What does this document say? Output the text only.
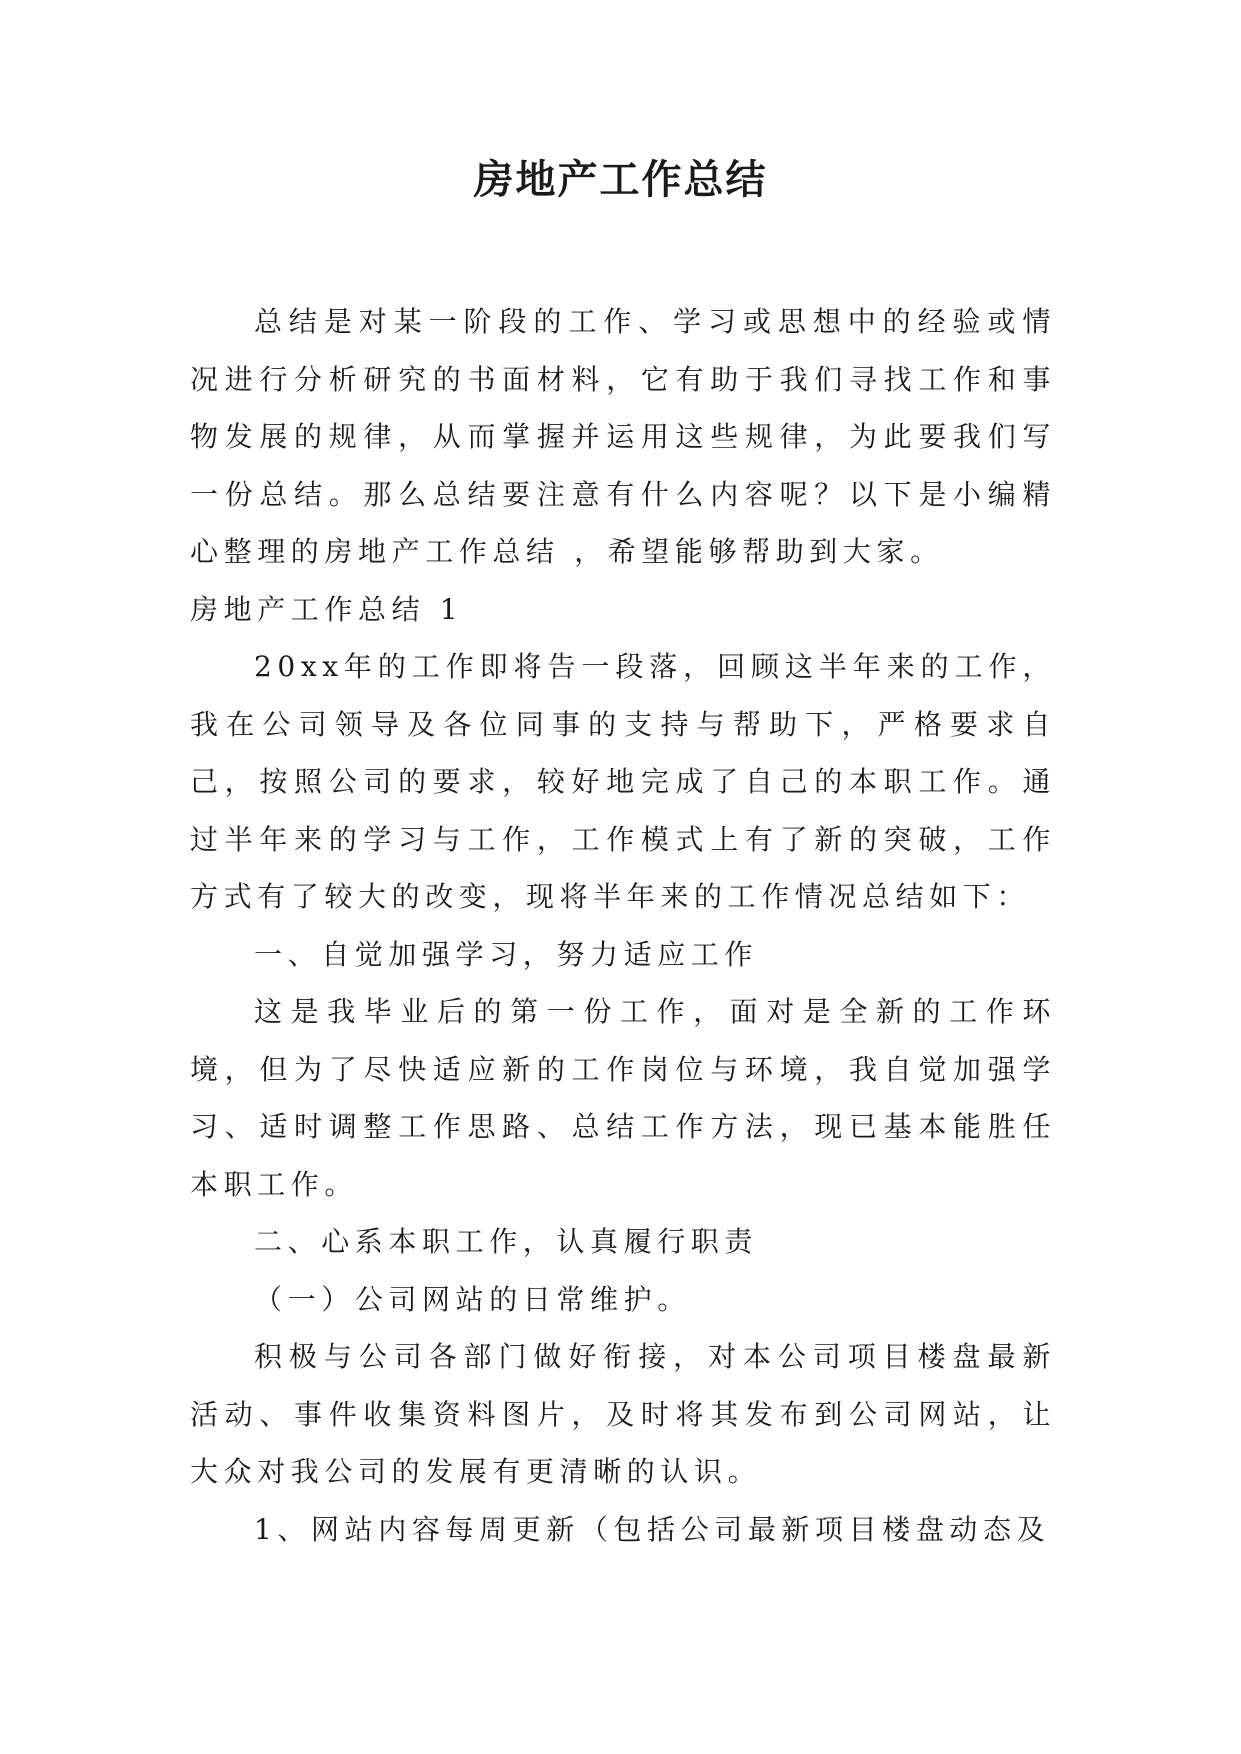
房地产工作总结

总结是对某一阶段的工作、学习或思想中的经验或情况进行分析研究的书面材料，它有助于我们寻找工作和事物发展的规律，从而掌握并运用这些规律，为此要我们写一份总结。那么总结要注意有什么内容呢？以下是小编精心整理的房地产工作总结 ，希望能够帮助到大家。

房地产工作总结 1

20xx年的工作即将告一段落，回顾这半年来的工作，我在公司领导及各位同事的支持与帮助下，严格要求自己，按照公司的要求，较好地完成了自己的本职工作。通过半年来的学习与工作，工作模式上有了新的突破，工作方式有了较大的改变，现将半年来的工作情况总结如下：

一、自觉加强学习，努力适应工作

这是我毕业后的第一份工作，面对是全新的工作环境，但为了尽快适应新的工作岗位与环境，我自觉加强学习、适时调整工作思路、总结工作方法，现已基本能胜任本职工作。

二、心系本职工作，认真履行职责

（一）公司网站的日常维护。

积极与公司各部门做好衔接，对本公司项目楼盘最新活动、事件收集资料图片，及时将其发布到公司网站，让大众对我公司的发展有更清晰的认识。

1、网站内容每周更新（包括公司最新项目楼盘动态及
